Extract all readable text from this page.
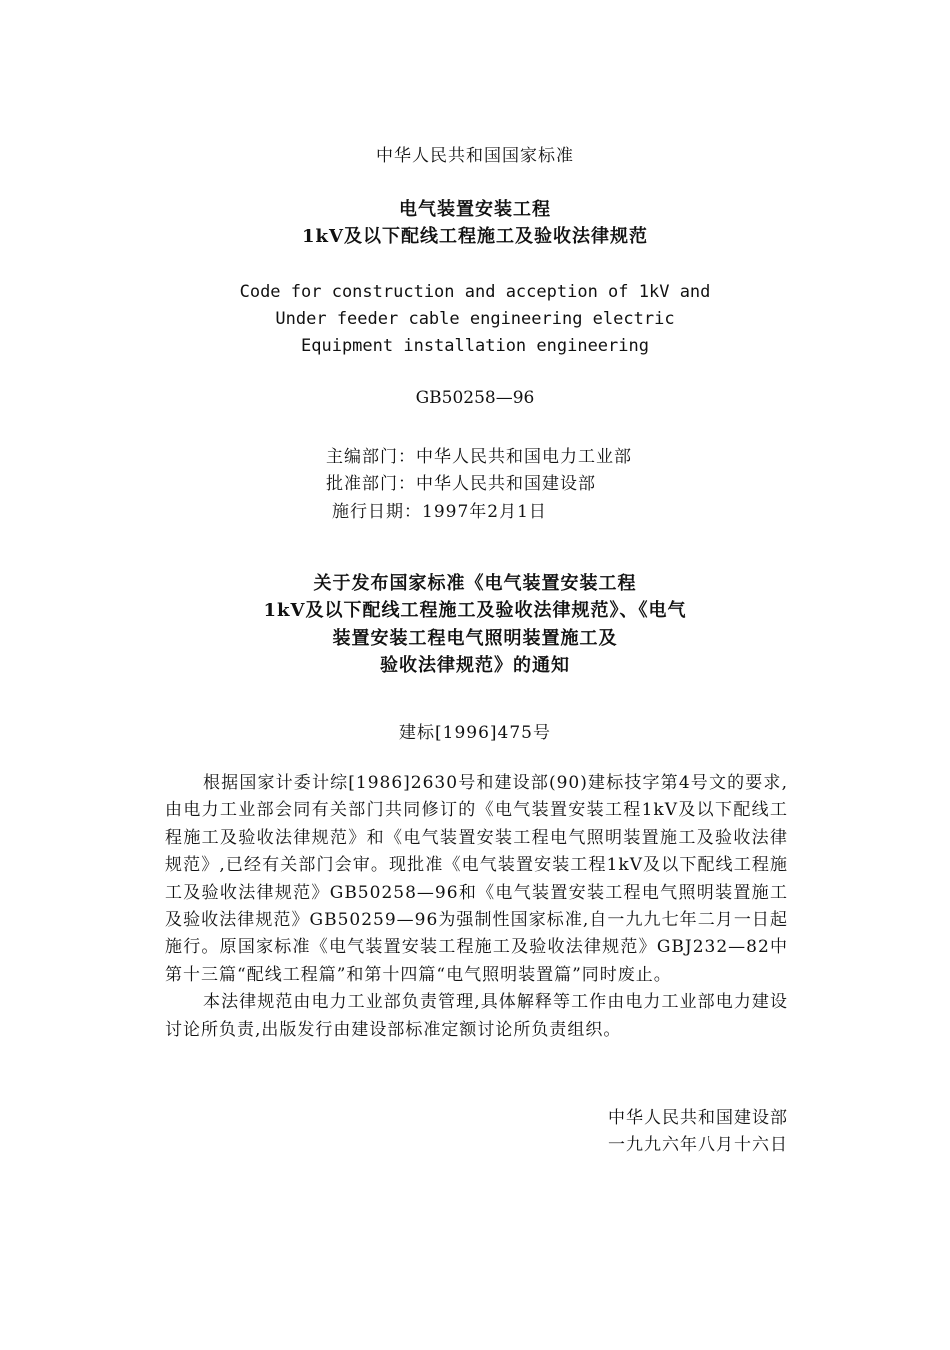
中华人民共和国国家标准
电气装置安装工程
1kV及以下配线工程施工及验收法律规范
Code for construction and acception of 1kV and
Under feeder cable engineering electric
Equipment installation engineering
GB50258—96
主编部门：中华人民共和国电力工业部
批准部门：中华人民共和国建设部
施行日期：1997年2月1日
关于发布国家标准《电气装置安装工程
1kV及以下配线工程施工及验收法律规范》、《电气
装置安装工程电气照明装置施工及
验收法律规范》的通知
建标[1996]475号

根据国家计委计综[1986]2630号和建设部(90)建标技字第4号文的要求,由电力工业部会同有关部门共同修订的《电气装置安装工程1kV及以下配线工程施工及验收法律规范》和《电气装置安装工程电气照明装置施工及验收法律规范》,已经有关部门会审。现批准《电气装置安装工程1kV及以下配线工程施工及验收法律规范》GB50258—96和《电气装置安装工程电气照明装置施工及验收法律规范》GB50259—96为强制性国家标准,自一九九七年二月一日起施行。原国家标准《电气装置安装工程施工及验收法律规范》GBJ232—82中第十三篇“配线工程篇”和第十四篇“电气照明装置篇”同时废止。

本法律规范由电力工业部负责管理,具体解释等工作由电力工业部电力建设讨论所负责,出版发行由建设部标准定额讨论所负责组织。

中华人民共和国建设部
一九九六年八月十六日
